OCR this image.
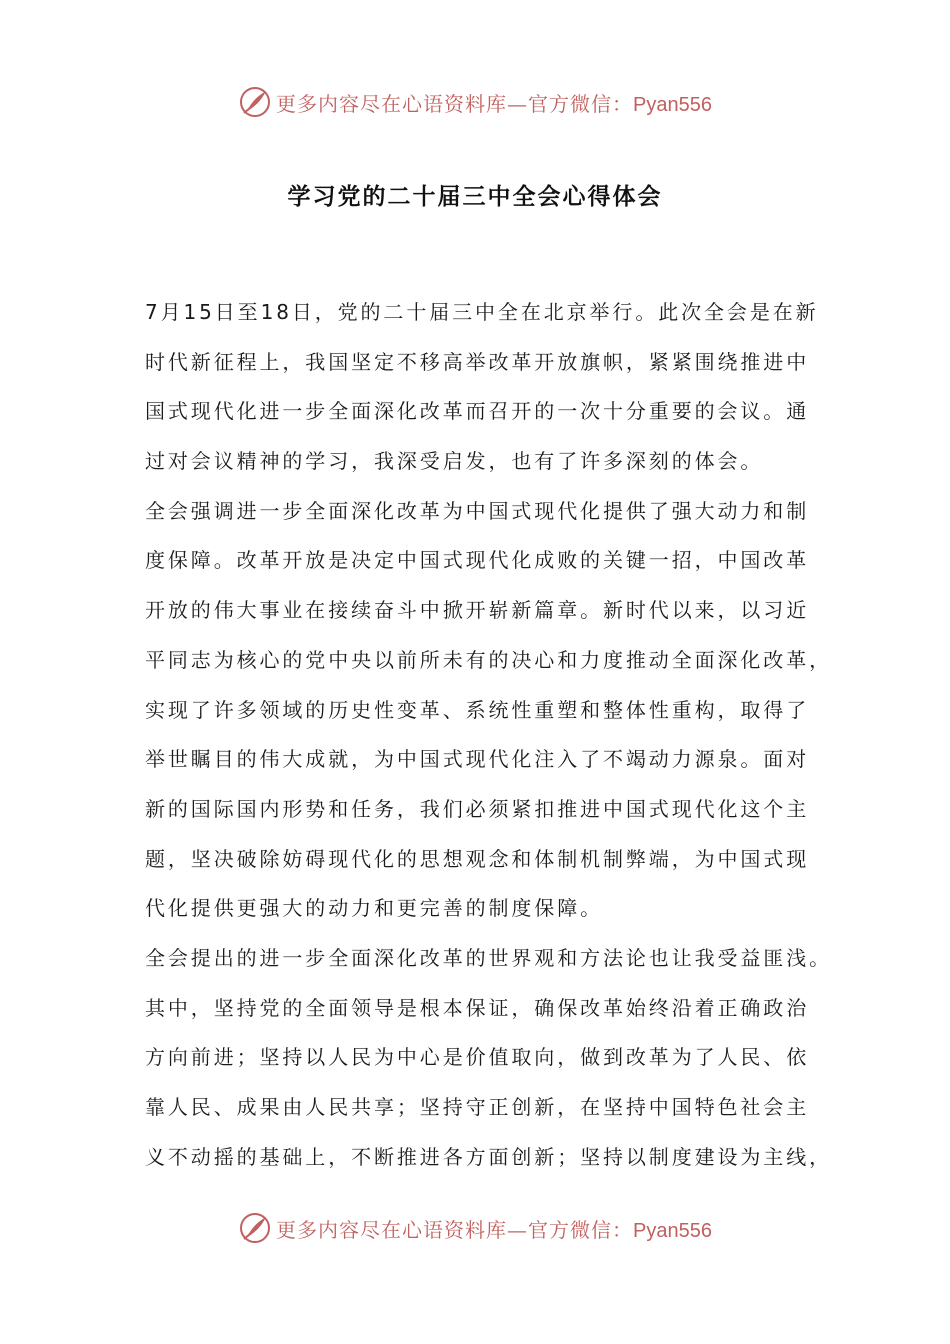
更多内容尽在心语资料库—官方微信：Pyan556
学习党的二十届三中全会心得体会
7月15日至18日，党的二十届三中全在北京举行。此次全会是在新
时代新征程上，我国坚定不移高举改革开放旗帜，紧紧围绕推进中
国式现代化进一步全面深化改革而召开的一次十分重要的会议。通
过对会议精神的学习，我深受启发，也有了许多深刻的体会。
全会强调进一步全面深化改革为中国式现代化提供了强大动力和制
度保障。改革开放是决定中国式现代化成败的关键一招，中国改革
开放的伟大事业在接续奋斗中掀开崭新篇章。新时代以来，以习近
平同志为核心的党中央以前所未有的决心和力度推动全面深化改革，
实现了许多领域的历史性变革、系统性重塑和整体性重构，取得了
举世瞩目的伟大成就，为中国式现代化注入了不竭动力源泉。面对
新的国际国内形势和任务，我们必须紧扣推进中国式现代化这个主
题，坚决破除妨碍现代化的思想观念和体制机制弊端，为中国式现
代化提供更强大的动力和更完善的制度保障。
全会提出的进一步全面深化改革的世界观和方法论也让我受益匪浅。
其中，坚持党的全面领导是根本保证，确保改革始终沿着正确政治
方向前进；坚持以人民为中心是价值取向，做到改革为了人民、依
靠人民、成果由人民共享；坚持守正创新，在坚持中国特色社会主
义不动摇的基础上，不断推进各方面创新；坚持以制度建设为主线，
更多内容尽在心语资料库—官方微信：Pyan556
